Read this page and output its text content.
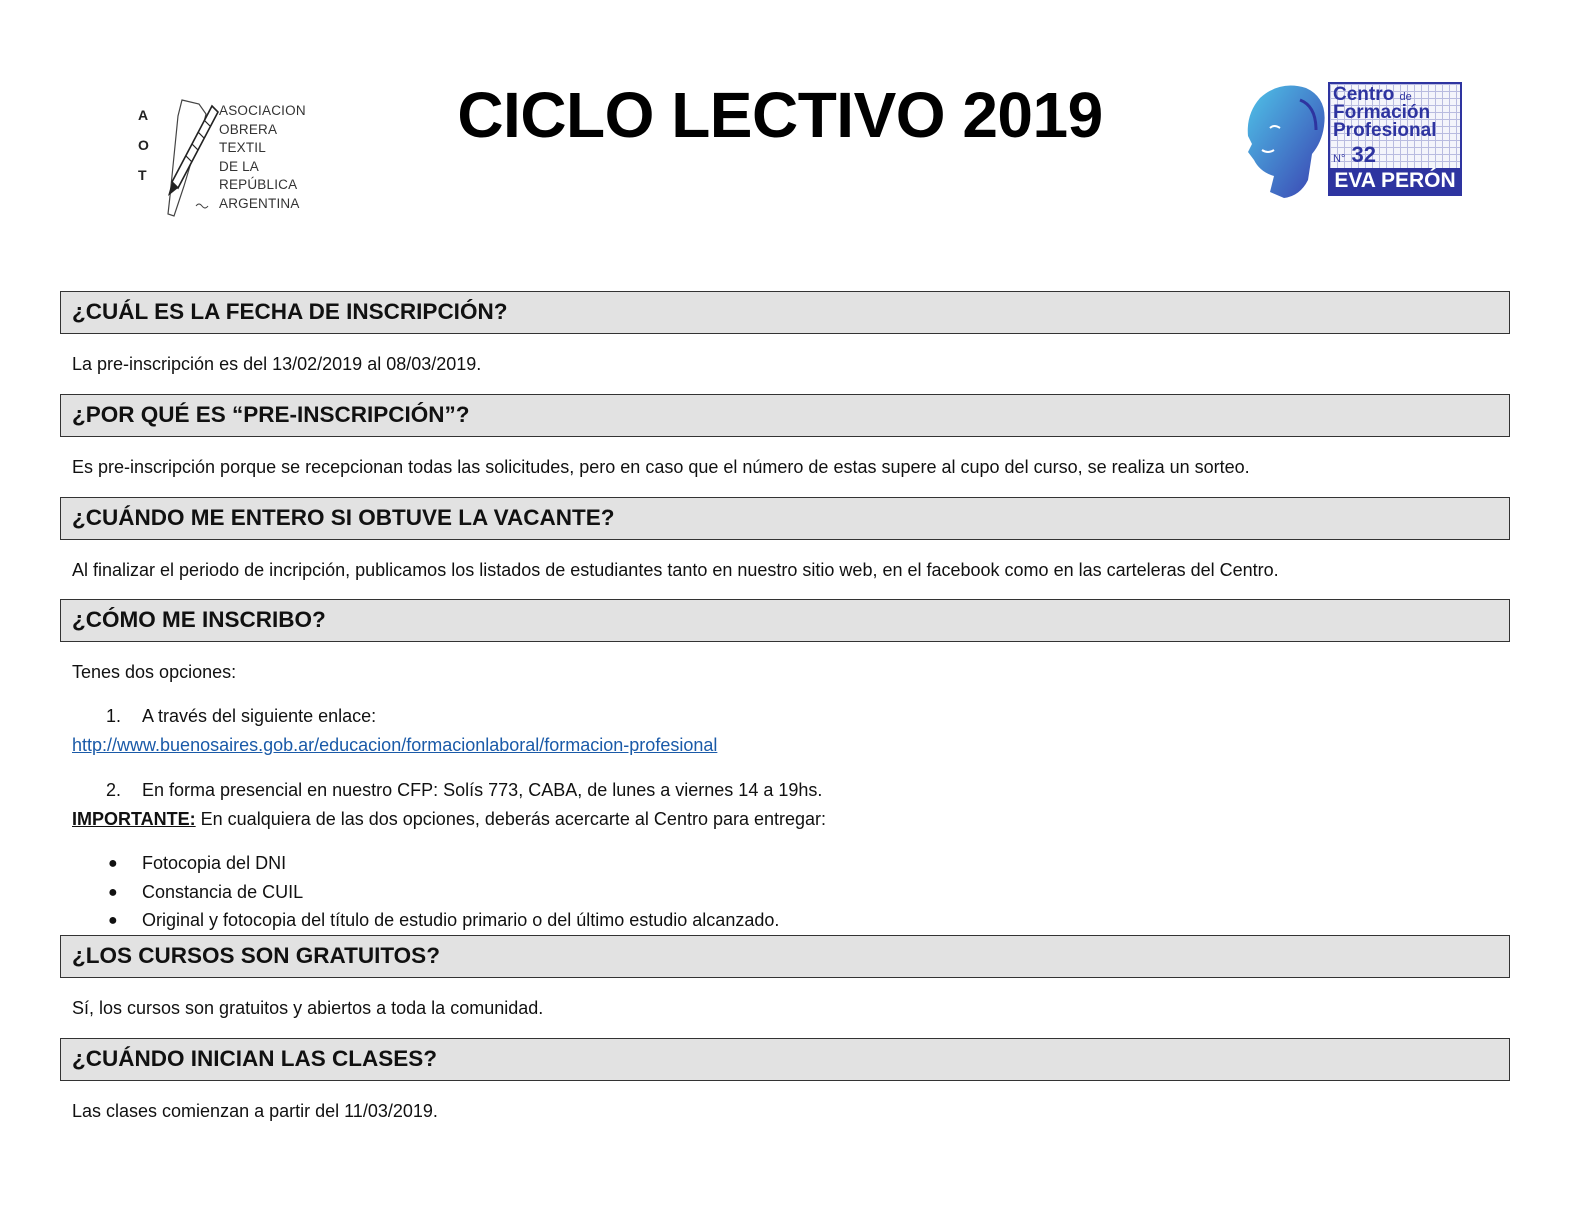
A
O
T
ASOCIACION
OBRERA
TEXTIL
DE LA
REPÚBLICA
ARGENTINA
CICLO LECTIVO 2019	Centro de
Formación
Profesional
N° 32
EVA PERÓN
¿CUÁL ES LA FECHA DE INSCRIPCIÓN?
La pre-inscripción es del 13/02/2019 al 08/03/2019.
¿POR QUÉ ES “PRE-INSCRIPCIÓN”?
Es pre-inscripción porque se recepcionan todas las solicitudes, pero en caso que el número de estas supere al cupo del curso, se realiza un sorteo.
¿CUÁNDO ME ENTERO SI OBTUVE LA VACANTE?
Al finalizar el periodo de incripción, publicamos los listados de estudiantes tanto en nuestro sitio web, en el facebook como en las carteleras del Centro.
¿CÓMO ME INSCRIBO?
Tenes dos opciones:
1. A través del siguiente enlace:
http://www.buenosaires.gob.ar/educacion/formacionlaboral/formacion-profesional
2. En forma presencial en nuestro CFP: Solís 773, CABA, de lunes a viernes 14 a 19hs.
IMPORTANTE: En cualquiera de las dos opciones, deberás acercarte al Centro para entregar:
● Fotocopia del DNI
● Constancia de CUIL
● Original y fotocopia del título de estudio primario o del último estudio alcanzado.
¿LOS CURSOS SON GRATUITOS?
Sí, los cursos son gratuitos y abiertos a toda la comunidad.
¿CUÁNDO INICIAN LAS CLASES?
Las clases comienzan a partir del 11/03/2019.
